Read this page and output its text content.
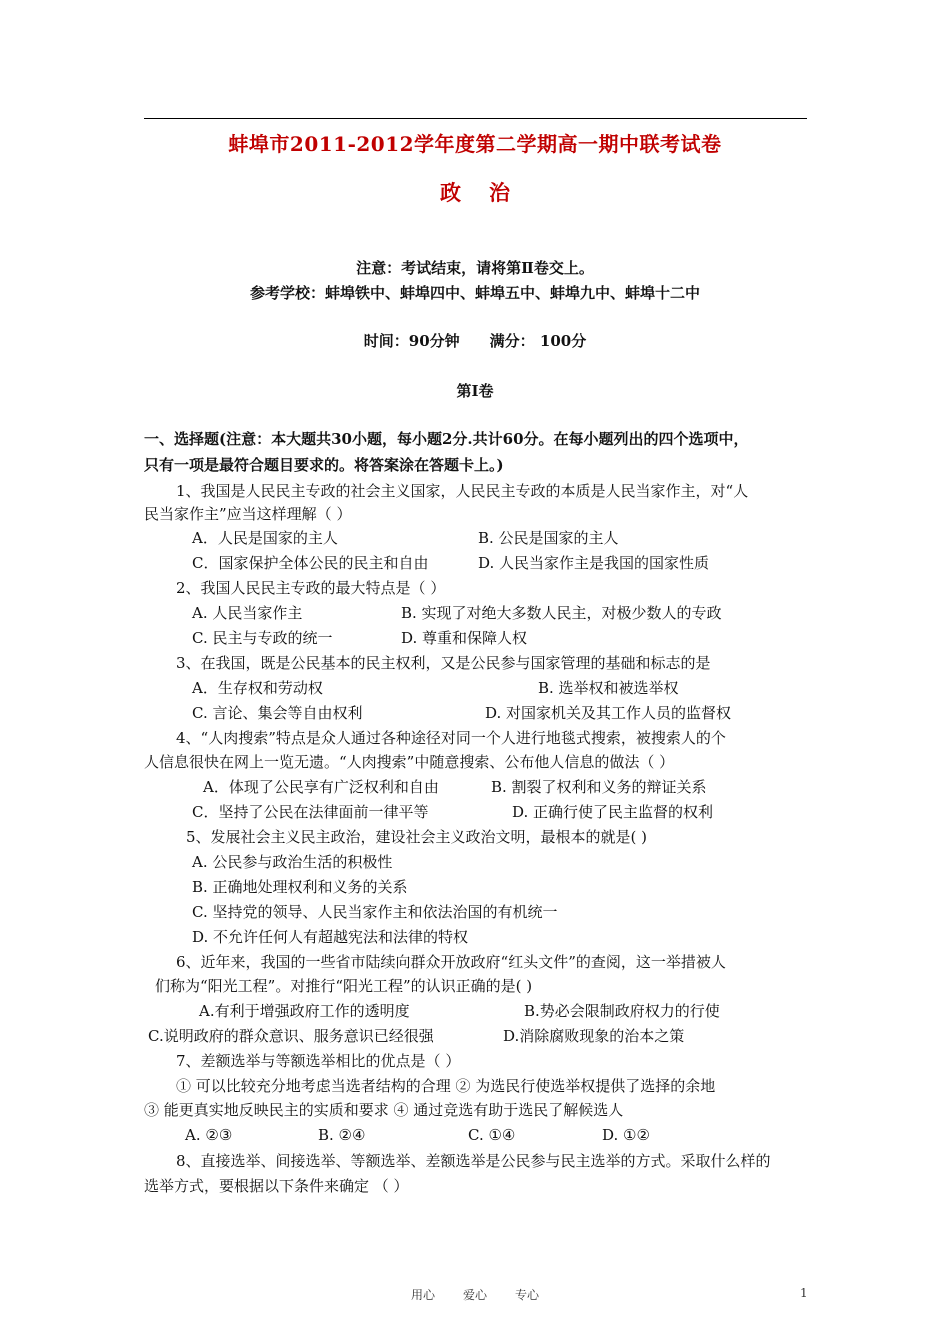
蚌埠市2011-2012学年度第二学期高一期中联考试卷
政 治
注意：考试结束，请将第Ⅱ卷交上。
参考学校：蚌埠铁中、蚌埠四中、蚌埠五中、蚌埠九中、蚌埠十二中
时间：90分钟 满分： 100分
第Ⅰ卷
一、选择题(注意：本大题共30小题，每小题2分.共计60分。在每小题列出的四个选项中，
只有一项是最符合题目要求的。将答案涂在答题卡上。)
1、我国是人民民主专政的社会主义国家，人民民主专政的本质是人民当家作主，对“人
民当家作主”应当这样理解（ ）
A．人民是国家的主人	B. 公民是国家的主人
C．国家保护全体公民的民主和自由	D. 人民当家作主是我国的国家性质
2、我国人民民主专政的最大特点是（ ）
A. 人民当家作主	B. 实现了对绝大多数人民主，对极少数人的专政
C. 民主与专政的统一	D. 尊重和保障人权
3、在我国，既是公民基本的民主权利，又是公民参与国家管理的基础和标志的是
A．生存权和劳动权	B. 选举权和被选举权
C. 言论、集会等自由权利	D. 对国家机关及其工作人员的监督权
4、“人肉搜索”特点是众人通过各种途径对同一个人进行地毯式搜索，被搜索人的个
人信息很快在网上一览无遗。“人肉搜索”中随意搜索、公布他人信息的做法（ ）
A．体现了公民享有广泛权利和自由	B. 割裂了权利和义务的辩证关系
C．坚持了公民在法律面前一律平等	D. 正确行使了民主监督的权利
5、发展社会主义民主政治，建设社会主义政治文明，最根本的就是( )
A. 公民参与政治生活的积极性
B. 正确地处理权利和义务的关系
C. 坚持党的领导、人民当家作主和依法治国的有机统一
D. 不允许任何人有超越宪法和法律的特权
6、近年来，我国的一些省市陆续向群众开放政府“红头文件”的查阅，这一举措被人
们称为“阳光工程”。对推行“阳光工程”的认识正确的是( )
A.有利于增强政府工作的透明度	B.势必会限制政府权力的行使
C.说明政府的群众意识、服务意识已经很强	D.消除腐败现象的治本之策
7、差额选举与等额选举相比的优点是（ ）
① 可以比较充分地考虑当选者结构的合理 ② 为选民行使选举权提供了选择的余地
③ 能更真实地反映民主的实质和要求 ④ 通过竞选有助于选民了解候选人
A. ②③	B. ②④	C. ①④	D. ①②
8、直接选举、间接选举、等额选举、差额选举是公民参与民主选举的方式。采取什么样的
选举方式，要根据以下条件来确定 （ ）
用心 爱心 专心	1
